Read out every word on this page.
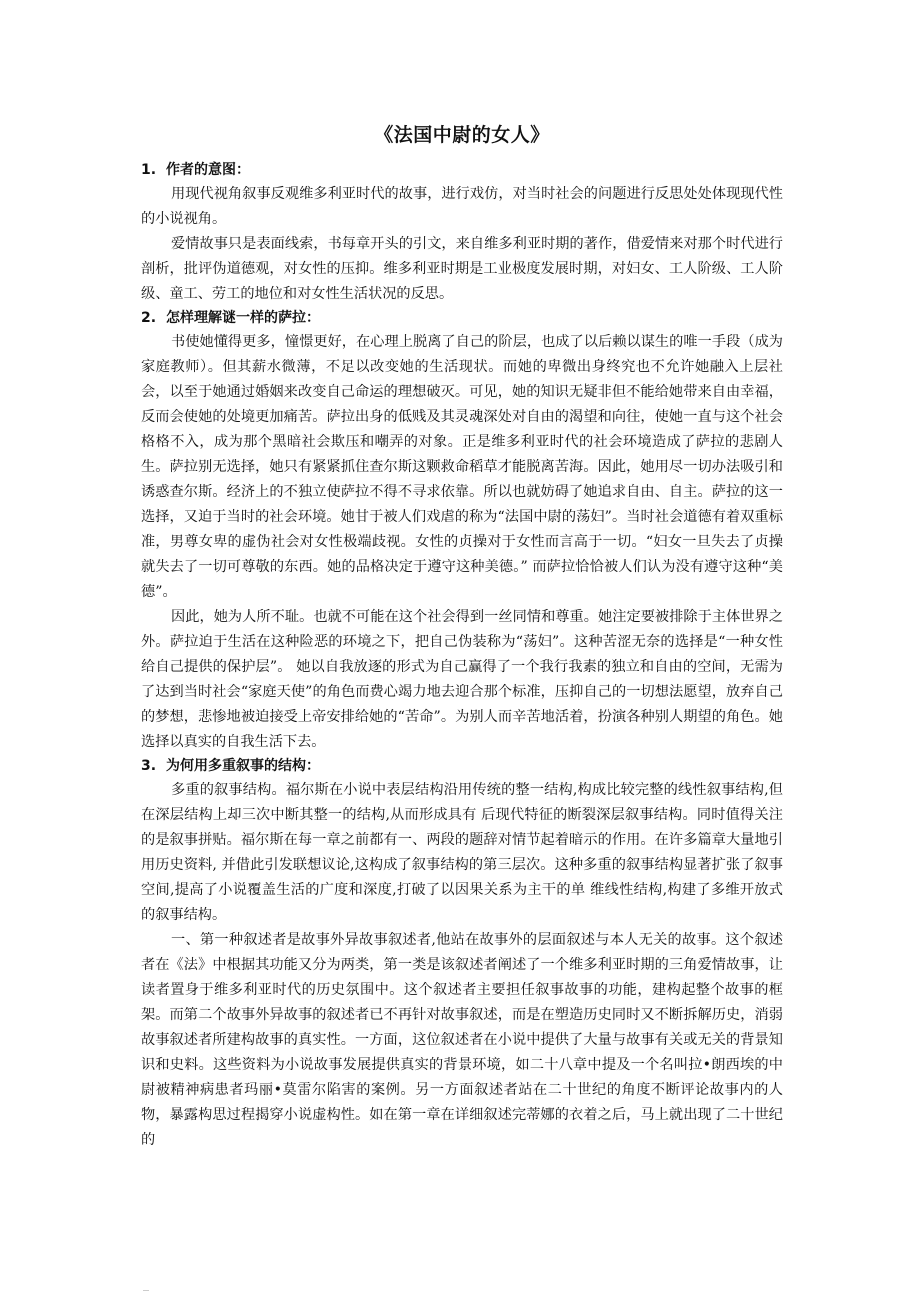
《法国中尉的女人》
1. 作者的意图：

用现代视角叙事反观维多利亚时代的故事，进行戏仿，对当时社会的问题进行反思处处体现现代性的小说视角。

爱情故事只是表面线索，书每章开头的引文，来自维多利亚时期的著作，借爱情来对那个时代进行剖析，批评伪道德观，对女性的压抑。维多利亚时期是工业极度发展时期，对妇女、工人阶级、工人阶级、童工、劳工的地位和对女性生活状况的反思。

2. 怎样理解谜一样的萨拉：

书使她懂得更多，憧憬更好，在心理上脱离了自己的阶层，也成了以后赖以谋生的唯一手段（成为家庭教师）。但其薪水微薄，不足以改变她的生活现状。而她的卑微出身终究也不允许她融入上层社会，以至于她通过婚姻来改变自己命运的理想破灭。可见，她的知识无疑非但不能给她带来自由幸福，反而会使她的处境更加痛苦。萨拉出身的低贱及其灵魂深处对自由的渴望和向往，使她一直与这个社会格格不入，成为那个黑暗社会欺压和嘲弄的对象。正是维多利亚时代的社会环境造成了萨拉的悲剧人生。萨拉别无选择，她只有紧紧抓住查尔斯这颗救命稻草才能脱离苦海。因此，她用尽一切办法吸引和诱惑查尔斯。经济上的不独立使萨拉不得不寻求依靠。所以也就妨碍了她追求自由、自主。萨拉的这一选择，又迫于当时的社会环境。她甘于被人们戏虐的称为“法国中尉的荡妇”。当时社会道德有着双重标准，男尊女卑的虚伪社会对女性极端歧视。女性的贞操对于女性而言高于一切。“妇女一旦失去了贞操就失去了一切可尊敬的东西。她的品格决定于遵守这种美德。” 而萨拉恰恰被人们认为没有遵守这种“美德”。

因此，她为人所不耻。也就不可能在这个社会得到一丝同情和尊重。她注定要被排除于主体世界之外。萨拉迫于生活在这种险恶的环境之下，把自己伪装称为“荡妇”。这种苦涩无奈的选择是“一种女性给自己提供的保护层”。 她以自我放逐的形式为自己赢得了一个我行我素的独立和自由的空间，无需为了达到当时社会“家庭天使”的角色而费心竭力地去迎合那个标准，压抑自己的一切想法愿望，放弃自己的梦想，悲惨地被迫接受上帝安排给她的“苦命”。为别人而辛苦地活着，扮演各种别人期望的角色。她选择以真实的自我生活下去。

3. 为何用多重叙事的结构：

多重的叙事结构。福尔斯在小说中表层结构沿用传统的整一结构,构成比较完整的线性叙事结构,但在深层结构上却三次中断其整一的结构,从而形成具有 后现代特征的断裂深层叙事结构。同时值得关注的是叙事拼贴。福尔斯在每一章之前都有一、两段的题辞对情节起着暗示的作用。在许多篇章大量地引用历史资料, 并借此引发联想议论,这构成了叙事结构的第三层次。这种多重的叙事结构显著扩张了叙事空间,提高了小说覆盖生活的广度和深度,打破了以因果关系为主干的单 维线性结构,构建了多维开放式的叙事结构。

一、第一种叙述者是故事外异故事叙述者,他站在故事外的层面叙述与本人无关的故事。这个叙述者在《法》中根据其功能又分为两类，第一类是该叙述者阐述了一个维多利亚时期的三角爱情故事，让读者置身于维多利亚时代的历史氛围中。这个叙述者主要担任叙事故事的功能，建构起整个故事的框架。而第二个故事外异故事的叙述者已不再针对故事叙述，而是在塑造历史同时又不断拆解历史，消弱故事叙述者所建构故事的真实性。一方面，这位叙述者在小说中提供了大量与故事有关或无关的背景知识和史料。这些资料为小说故事发展提供真实的背景环境，如二十八章中提及一个名叫拉•朗西埃的中尉被精神病患者玛丽•莫雷尔陷害的案例。另一方面叙述者站在二十世纪的角度不断评论故事内的人物，暴露构思过程揭穿小说虚构性。如在第一章在详细叙述完蒂娜的衣着之后，马上就出现了二十世纪的
